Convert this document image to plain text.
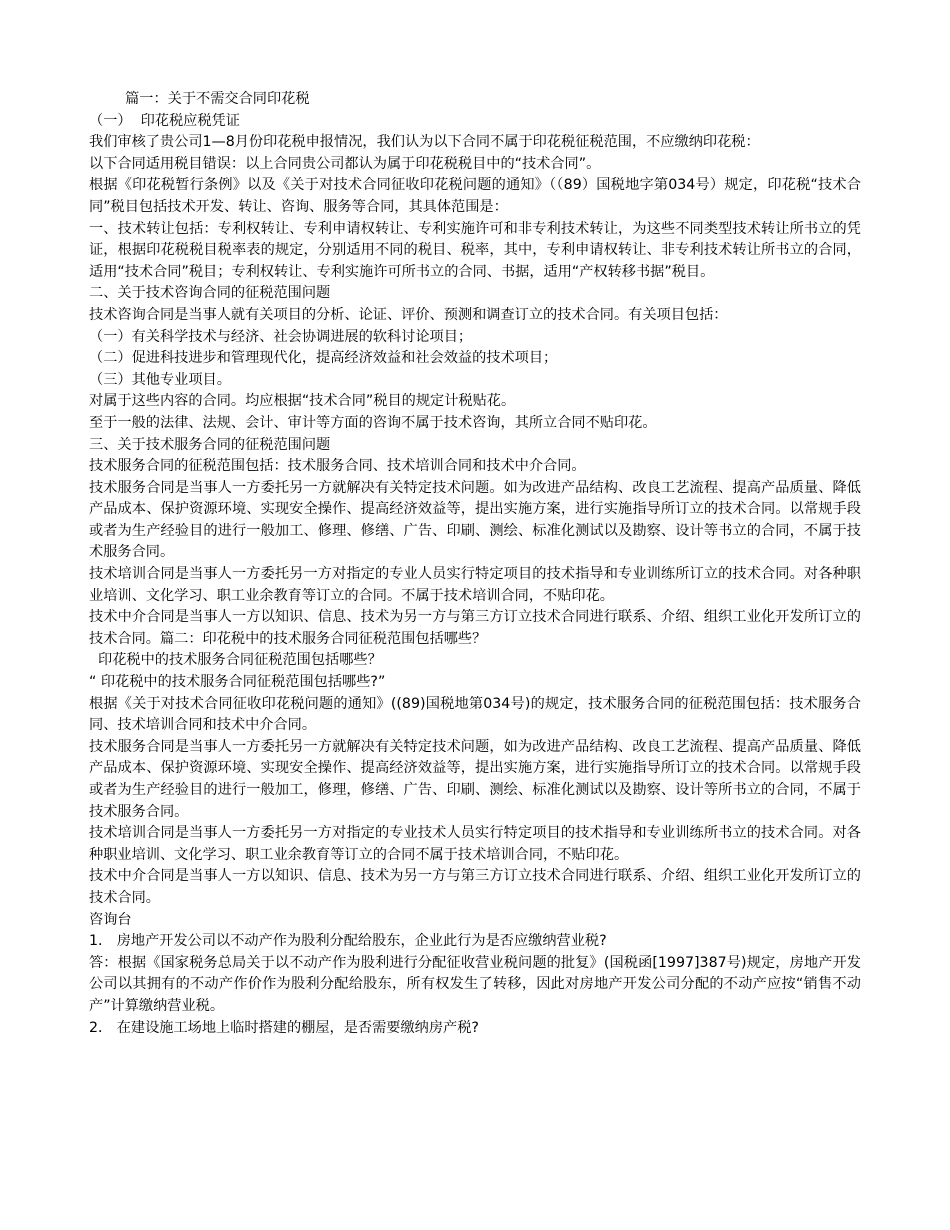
篇一：关于不需交合同印花税
（一）  印花税应税凭证
我们审核了贵公司1—8月份印花税申报情况，我们认为以下合同不属于印花税征税范围，不应缴纳印花税：
以下合同适用税目错误：以上合同贵公司都认为属于印花税税目中的“技术合同”。
根据《印花税暂行条例》以及《关于对技术合同征收印花税问题的通知》（（89）国税地字第034号）规定，印花税“技术合同”税目包括技术开发、转让、咨询、服务等合同，其具体范围是：
一、技术转让包括：专利权转让、专利申请权转让、专利实施许可和非专利技术转让，为这些不同类型技术转让所书立的凭证，根据印花税税目税率表的规定，分别适用不同的税目、税率，其中，专利申请权转让、非专利技术转让所书立的合同，适用“技术合同”税目；专利权转让、专利实施许可所书立的合同、书据，适用“产权转移书据”税目。
二、关于技术咨询合同的征税范围问题
技术咨询合同是当事人就有关项目的分析、论证、评价、预测和调查订立的技术合同。有关项目包括：
（一）有关科学技术与经济、社会协调进展的软科讨论项目；
（二）促进科技进步和管理现代化，提高经济效益和社会效益的技术项目；
（三）其他专业项目。
对属于这些内容的合同。均应根据“技术合同”税目的规定计税贴花。
至于一般的法律、法规、会计、审计等方面的咨询不属于技术咨询，其所立合同不贴印花。
三、关于技术服务合同的征税范围问题
技术服务合同的征税范围包括：技术服务合同、技术培训合同和技术中介合同。
技术服务合同是当事人一方委托另一方就解决有关特定技术问题。如为改进产品结构、改良工艺流程、提高产品质量、降低产品成本、保护资源环境、实现安全操作、提高经济效益等，提出实施方案，进行实施指导所订立的技术合同。以常规手段或者为生产经验目的进行一般加工、修理、修缮、广告、印刷、测绘、标准化测试以及勘察、设计等书立的合同，不属于技术服务合同。
技术培训合同是当事人一方委托另一方对指定的专业人员实行特定项目的技术指导和专业训练所订立的技术合同。对各种职业培训、文化学习、职工业余教育等订立的合同。不属于技术培训合同，不贴印花。
技术中介合同是当事人一方以知识、信息、技术为另一方与第三方订立技术合同进行联系、介绍、组织工业化开发所订立的技术合同。篇二：印花税中的技术服务合同征税范围包括哪些？
印花税中的技术服务合同征税范围包括哪些？
“ 印花税中的技术服务合同征税范围包括哪些?”
根据《关于对技术合同征收印花税问题的通知》((89)国税地第034号)的规定，技术服务合同的征税范围包括：技术服务合同、技术培训合同和技术中介合同。
技术服务合同是当事人一方委托另一方就解决有关特定技术问题，如为改进产品结构、改良工艺流程、提高产品质量、降低产品成本、保护资源环境、实现安全操作、提高经济效益等，提出实施方案，进行实施指导所订立的技术合同。以常规手段或者为生产经验目的进行一般加工，修理，修缮、广告、印刷、测绘、标准化测试以及勘察、设计等所书立的合同，不属于技术服务合同。
技术培训合同是当事人一方委托另一方对指定的专业技术人员实行特定项目的技术指导和专业训练所书立的技术合同。对各种职业培训、文化学习、职工业余教育等订立的合同不属于技术培训合同，不贴印花。
技术中介合同是当事人一方以知识、信息、技术为另一方与第三方订立技术合同进行联系、介绍、组织工业化开发所订立的技术合同。
咨询台
1． 房地产开发公司以不动产作为股利分配给股东，企业此行为是否应缴纳营业税?
答：根据《国家税务总局关于以不动产作为股利进行分配征收营业税问题的批复》(国税函[1997]387号)规定，房地产开发公司以其拥有的不动产作价作为股利分配给股东，所有权发生了转移，因此对房地产开发公司分配的不动产应按“销售不动产”计算缴纳营业税。
2． 在建设施工场地上临时搭建的棚屋，是否需要缴纳房产税?
